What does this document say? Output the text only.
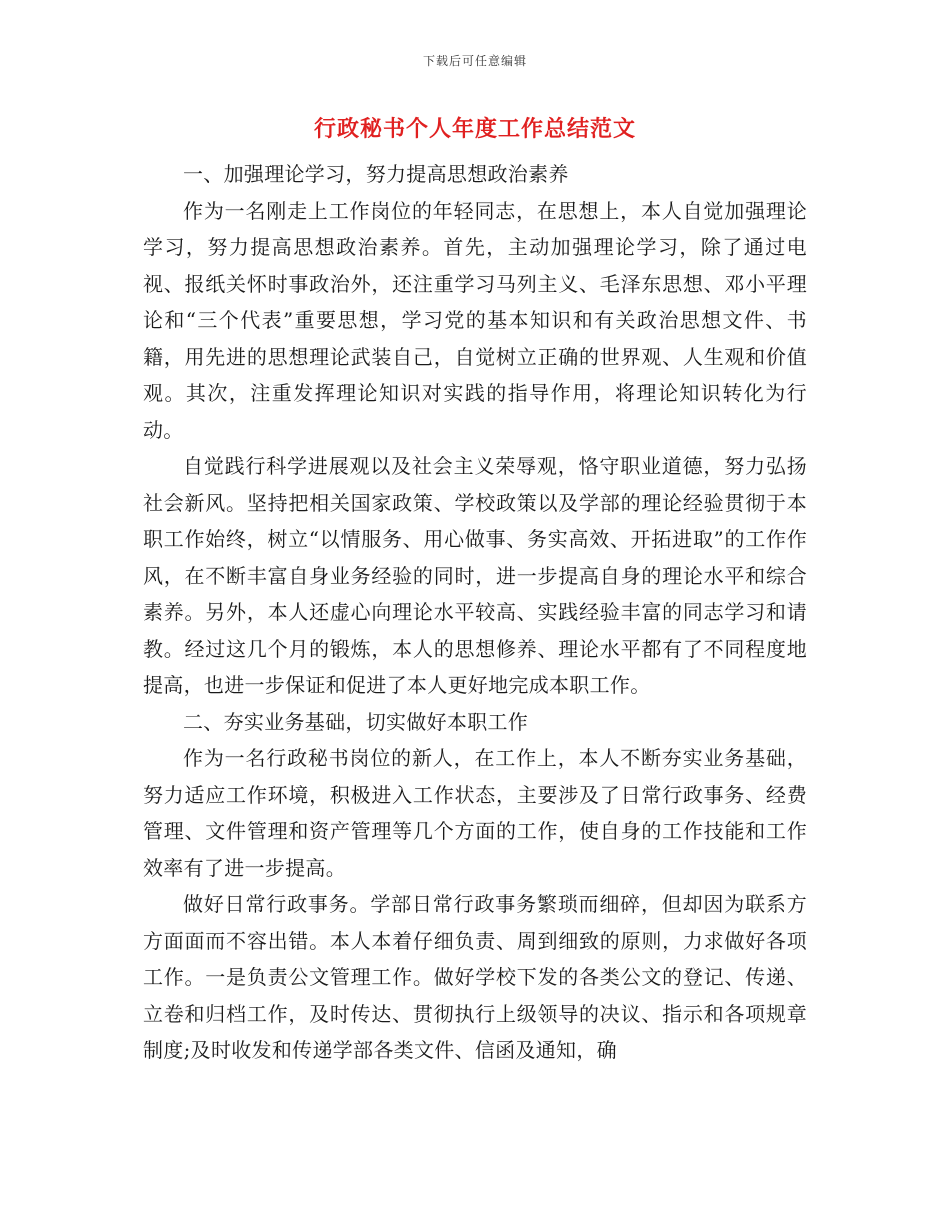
下载后可任意编辑
行政秘书个人年度工作总结范文

一、加强理论学习，努力提高思想政治素养

作为一名刚走上工作岗位的年轻同志，在思想上，本人自觉加强理论学习，努力提高思想政治素养。首先，主动加强理论学习，除了通过电视、报纸关怀时事政治外，还注重学习马列主义、毛泽东思想、邓小平理论和“三个代表”重要思想，学习党的基本知识和有关政治思想文件、书籍，用先进的思想理论武装自己，自觉树立正确的世界观、人生观和价值观。其次，注重发挥理论知识对实践的指导作用，将理论知识转化为行动。

自觉践行科学进展观以及社会主义荣辱观，恪守职业道德，努力弘扬社会新风。坚持把相关国家政策、学校政策以及学部的理论经验贯彻于本职工作始终，树立“以情服务、用心做事、务实高效、开拓进取”的工作作风，在不断丰富自身业务经验的同时，进一步提高自身的理论水平和综合素养。另外，本人还虚心向理论水平较高、实践经验丰富的同志学习和请教。经过这几个月的锻炼，本人的思想修养、理论水平都有了不同程度地提高，也进一步保证和促进了本人更好地完成本职工作。

二、夯实业务基础，切实做好本职工作

作为一名行政秘书岗位的新人，在工作上，本人不断夯实业务基础，努力适应工作环境，积极进入工作状态，主要涉及了日常行政事务、经费管理、文件管理和资产管理等几个方面的工作，使自身的工作技能和工作效率有了进一步提高。

做好日常行政事务。学部日常行政事务繁琐而细碎，但却因为联系方方面面而不容出错。本人本着仔细负责、周到细致的原则，力求做好各项工作。一是负责公文管理工作。做好学校下发的各类公文的登记、传递、立卷和归档工作，及时传达、贯彻执行上级领导的决议、指示和各项规章制度;及时收发和传递学部各类文件、信函及通知，确
